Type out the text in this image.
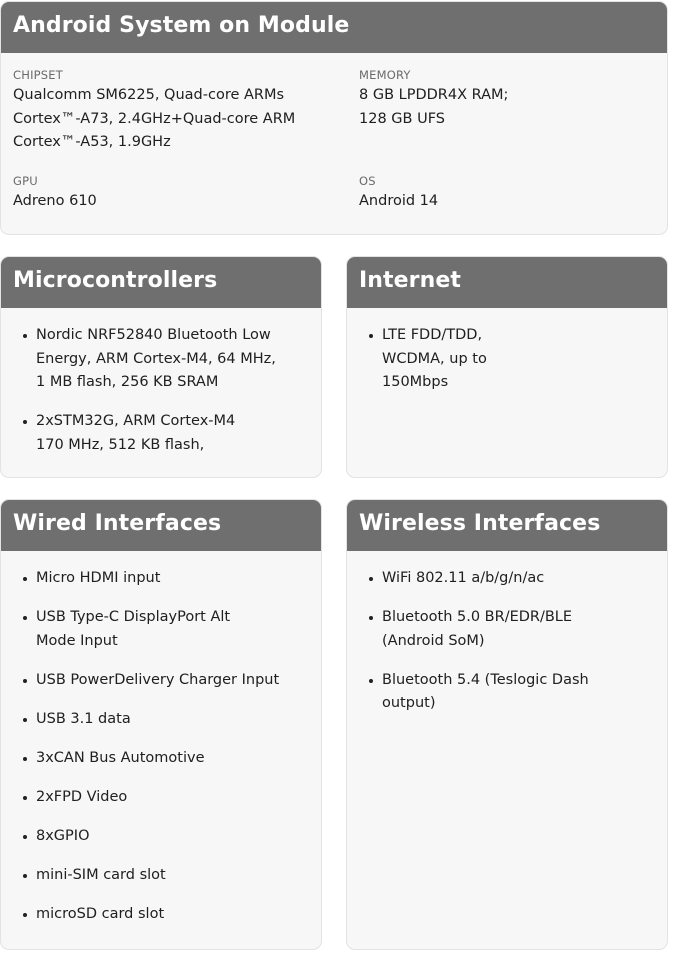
Android System on Module
CHIPSET
Qualcomm SM6225, Quad-core ARMs
Cortex™-A73, 2.4GHz+Quad-core ARM
Cortex™-A53, 1.9GHz
MEMORY
8 GB LPDDR4X RAM;
128 GB UFS
GPU
Adreno 610
OS
Android 14
Microcontrollers
Nordic NRF52840 Bluetooth Low
Energy, ARM Cortex-M4, 64 MHz,
1 MB flash, 256 KB SRAM
2xSTM32G, ARM Cortex-M4
170 MHz, 512 KB flash,
Internet
LTE FDD/TDD,
WCDMA, up to
150Mbps
Wired Interfaces
Micro HDMI input
USB Type-C DisplayPort Alt
Mode Input
USB PowerDelivery Charger Input
USB 3.1 data
3xCAN Bus Automotive
2xFPD Video
8xGPIO
mini-SIM card slot
microSD card slot
Wireless Interfaces
WiFi 802.11 a/b/g/n/ac
Bluetooth 5.0 BR/EDR/BLE
(Android SoM)
Bluetooth 5.4 (Teslogic Dash
output)
